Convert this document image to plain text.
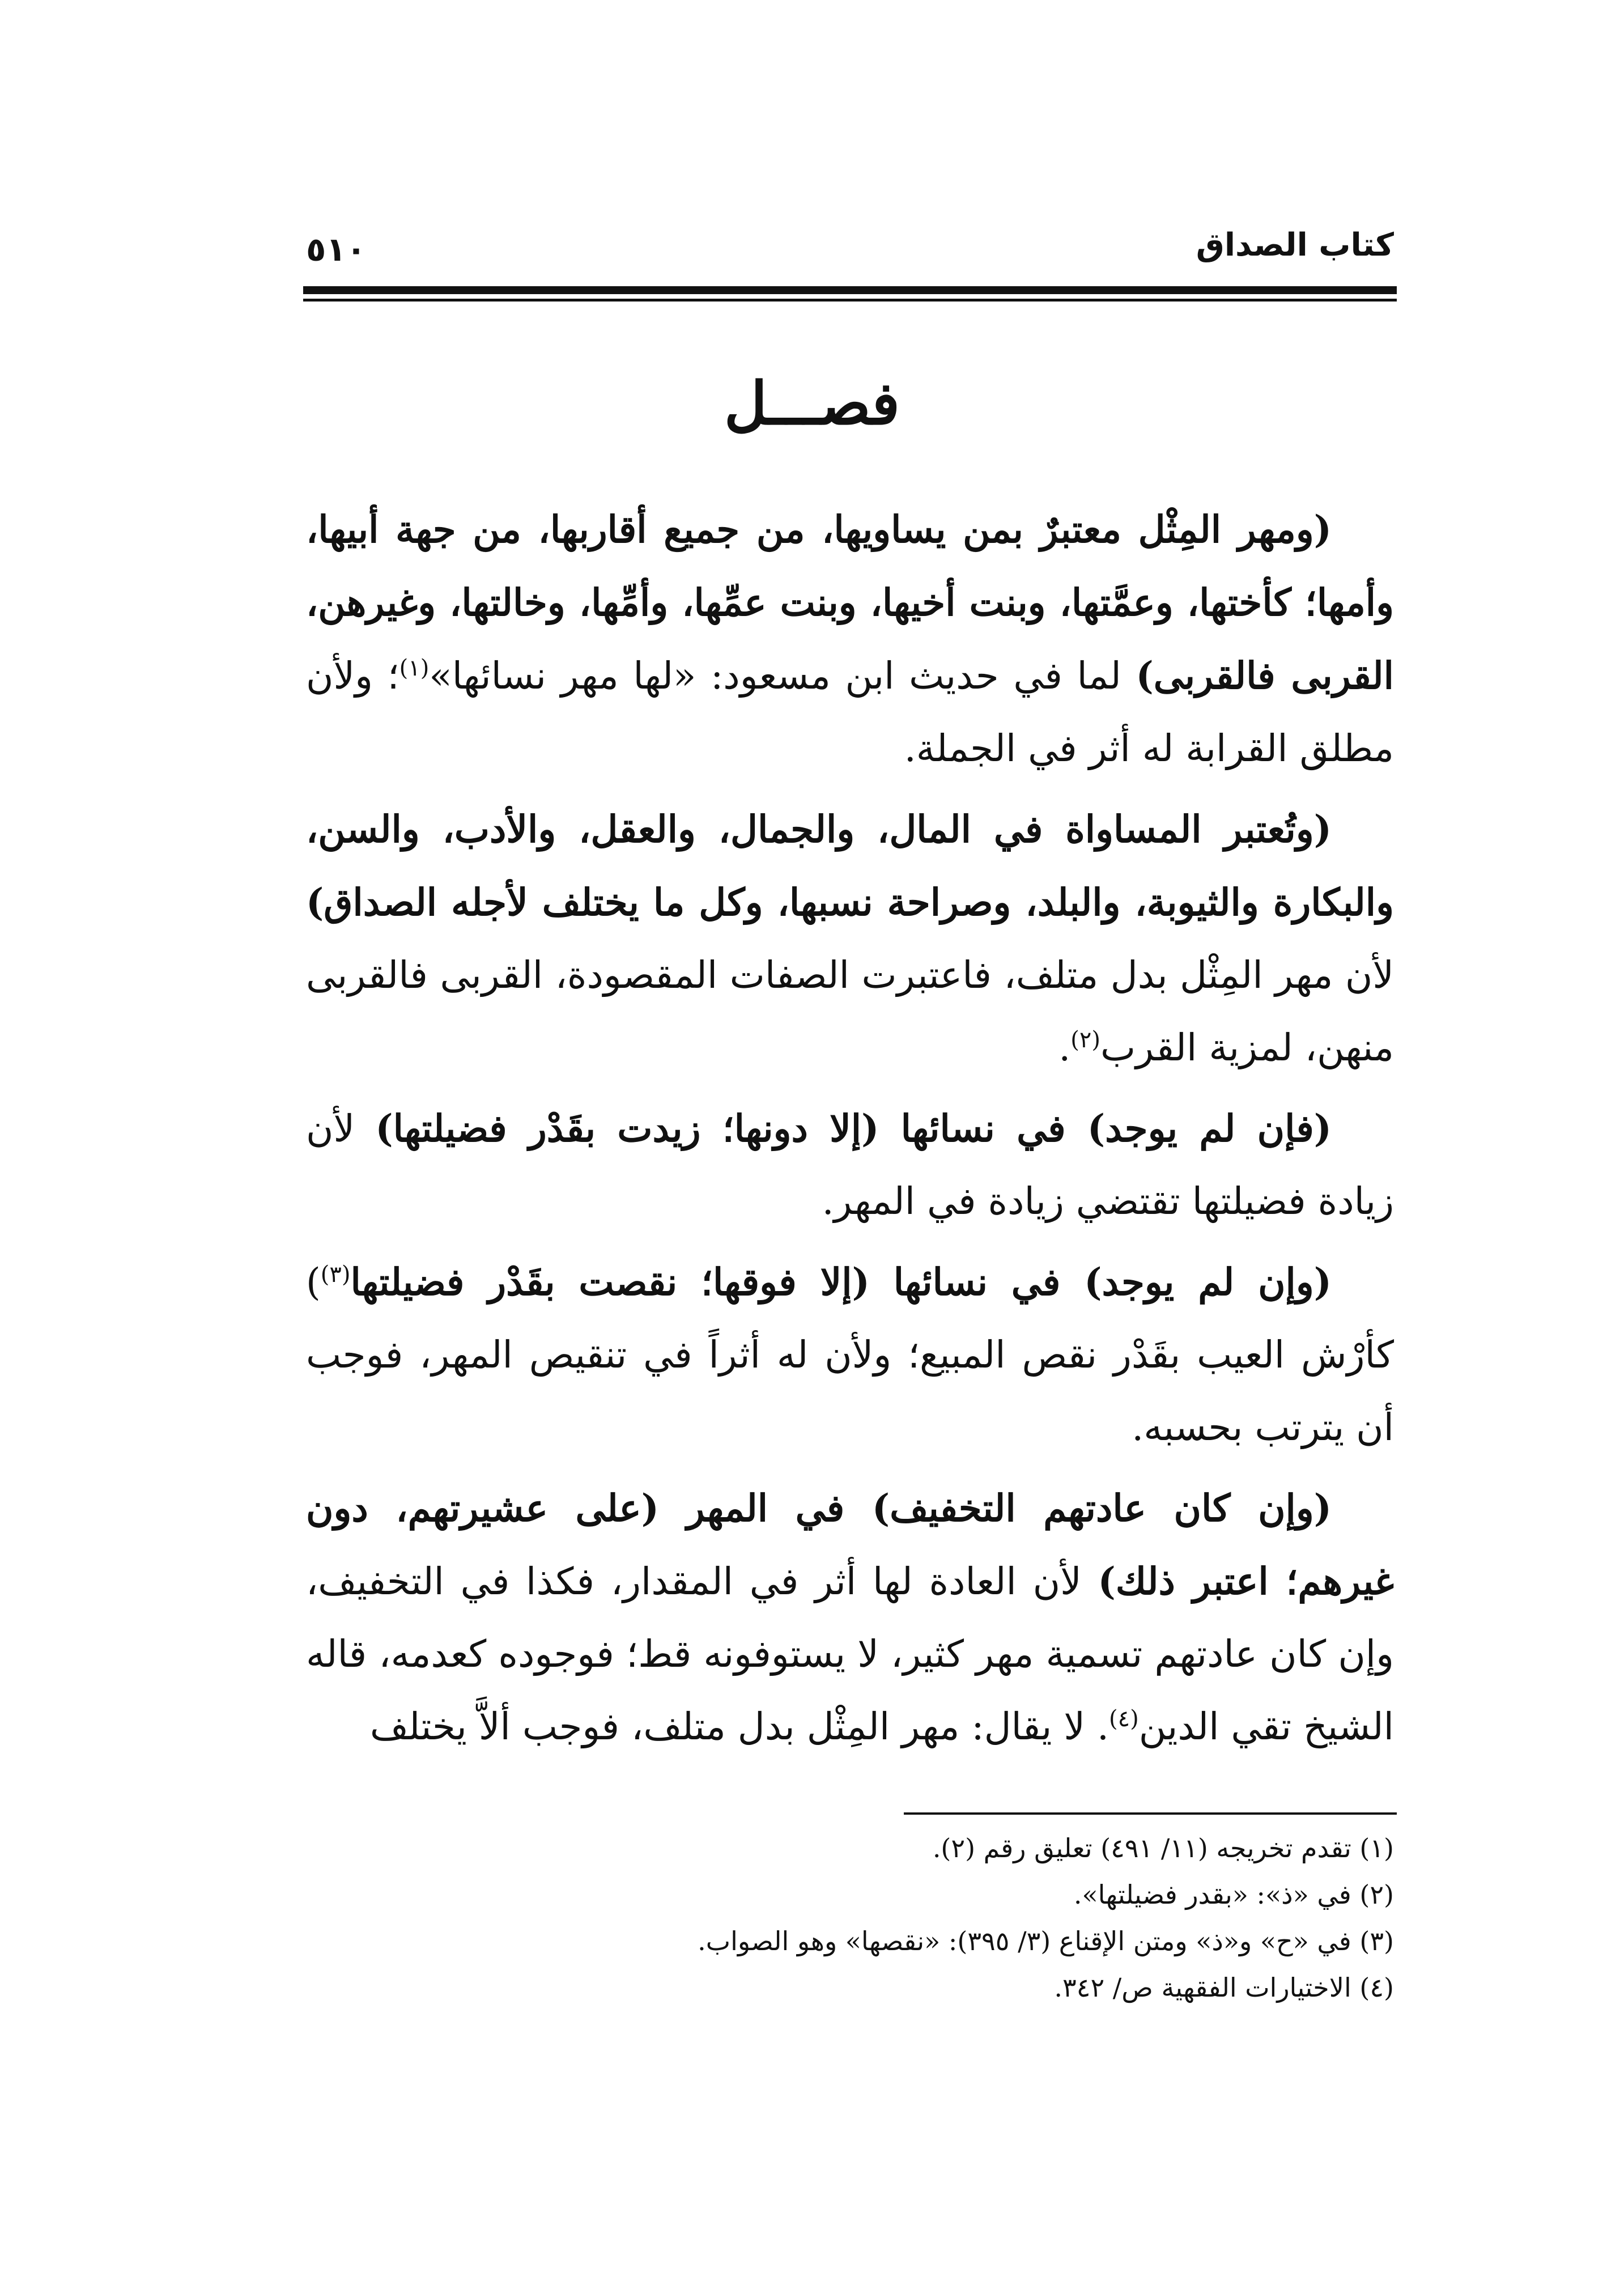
كتاب الصداق
٥١٠
فصـــل

(ومهر المِثْل معتبرٌ بمن يساويها، من جميع أقاربها، من جهة أبيها، وأمها؛ كأختها، وعمَّتها، وبنت أخيها، وبنت عمِّها، وأمِّها، وخالتها، وغيرهن، القربى فالقربى) لما في حديث ابن مسعود: «لها مهر نسائها»$^{(١)}$؛ ولأن مطلق القرابة له أثر في الجملة.

(وتُعتبر المساواة في المال، والجمال، والعقل، والأدب، والسن، والبكارة والثيوبة، والبلد، وصراحة نسبها، وكل ما يختلف لأجله الصداق) لأن مهر المِثْل بدل متلف، فاعتبرت الصفات المقصودة، القربى فالقربى منهن، لمزية القرب$^{(٢)}$.

(فإن لم يوجد) في نسائها (إلا دونها؛ زيدت بقَدْر فضيلتها) لأن زيادة فضيلتها تقتضي زيادة في المهر.

(وإن لم يوجد) في نسائها (إلا فوقها؛ نقصت بقَدْر فضيلتها$^{(٣)}$) كأرْش العيب بقَدْر نقص المبيع؛ ولأن له أثراً في تنقيص المهر، فوجب أن يترتب بحسبه.

(وإن كان عادتهم التخفيف) في المهر (على عشيرتهم، دون غيرهم؛ اعتبر ذلك) لأن العادة لها أثر في المقدار، فكذا في التخفيف، وإن كان عادتهم تسمية مهر كثير، لا يستوفونه قط؛ فوجوده كعدمه، قاله الشيخ تقي الدين$^{(٤)}$. لا يقال: مهر المِثْل بدل متلف، فوجب ألاَّ يختلف

(١) تقدم تخريجه (١١/ ٤٩١) تعليق رقم (٢).
(٢) في «ذ»: «بقدر فضيلتها».
(٣) في «ح» و«ذ» ومتن الإقناع (٣/ ٣٩٥): «نقصها» وهو الصواب.
(٤) الاختيارات الفقهية ص/ ٣٤٢.
